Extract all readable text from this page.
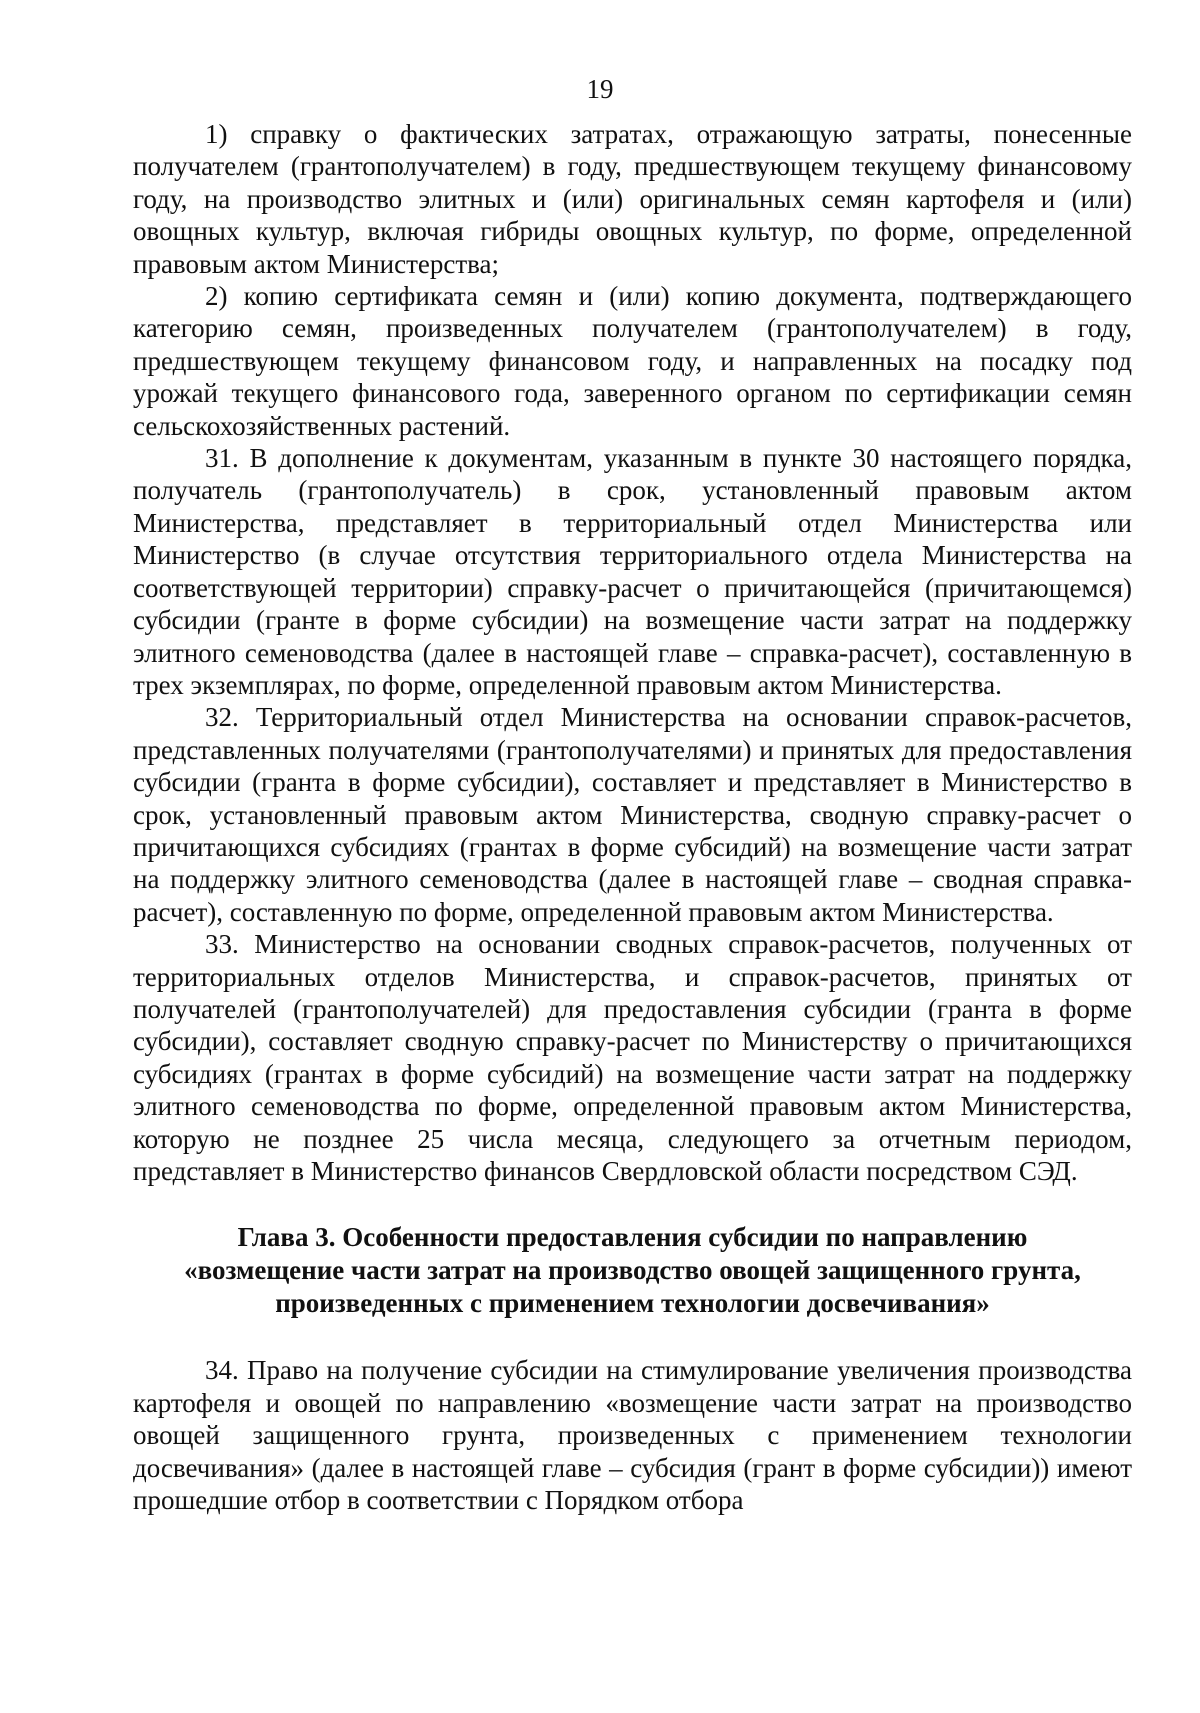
19

1) справку о фактических затратах, отражающую затраты, понесенные получателем (грантополучателем) в году, предшествующем текущему финансовому году, на производство элитных и (или) оригинальных семян картофеля и (или) овощных культур, включая гибриды овощных культур, по форме, определенной правовым актом Министерства;

2) копию сертификата семян и (или) копию документа, подтверждающего категорию семян, произведенных получателем (грантополучателем) в году, предшествующем текущему финансовом году, и направленных на посадку под урожай текущего финансового года, заверенного органом по сертификации семян сельскохозяйственных растений.

31. В дополнение к документам, указанным в пункте 30 настоящего порядка, получатель (грантополучатель) в срок, установленный правовым актом Министерства, представляет в территориальный отдел Министерства или Министерство (в случае отсутствия территориального отдела Министерства на соответствующей территории) справку-расчет о причитающейся (причитающемся) субсидии (гранте в форме субсидии) на возмещение части затрат на поддержку элитного семеноводства (далее в настоящей главе – справка-расчет), составленную в трех экземплярах, по форме, определенной правовым актом Министерства.

32. Территориальный отдел Министерства на основании справок-расчетов, представленных получателями (грантополучателями) и принятых для предоставления субсидии (гранта в форме субсидии), составляет и представляет в Министерство в срок, установленный правовым актом Министерства, сводную справку-расчет о причитающихся субсидиях (грантах в форме субсидий) на возмещение части затрат на поддержку элитного семеноводства (далее в настоящей главе – сводная справка-расчет), составленную по форме, определенной правовым актом Министерства.

33. Министерство на основании сводных справок-расчетов, полученных от территориальных отделов Министерства, и справок-расчетов, принятых от получателей (грантополучателей) для предоставления субсидии (гранта в форме субсидии), составляет сводную справку-расчет по Министерству о причитающихся субсидиях (грантах в форме субсидий) на возмещение части затрат на поддержку элитного семеноводства по форме, определенной правовым актом Министерства, которую не позднее 25 числа месяца, следующего за отчетным периодом, представляет в Министерство финансов Свердловской области посредством СЭД.

Глава 3. Особенности предоставления субсидии по направлению
«возмещение части затрат на производство овощей защищенного грунта,
произведенных с применением технологии досвечивания»

34. Право на получение субсидии на стимулирование увеличения производства картофеля и овощей по направлению «возмещение части затрат на производство овощей защищенного грунта, произведенных с применением технологии досвечивания» (далее в настоящей главе – субсидия (грант в форме субсидии)) имеют прошедшие отбор в соответствии с Порядком отбора
